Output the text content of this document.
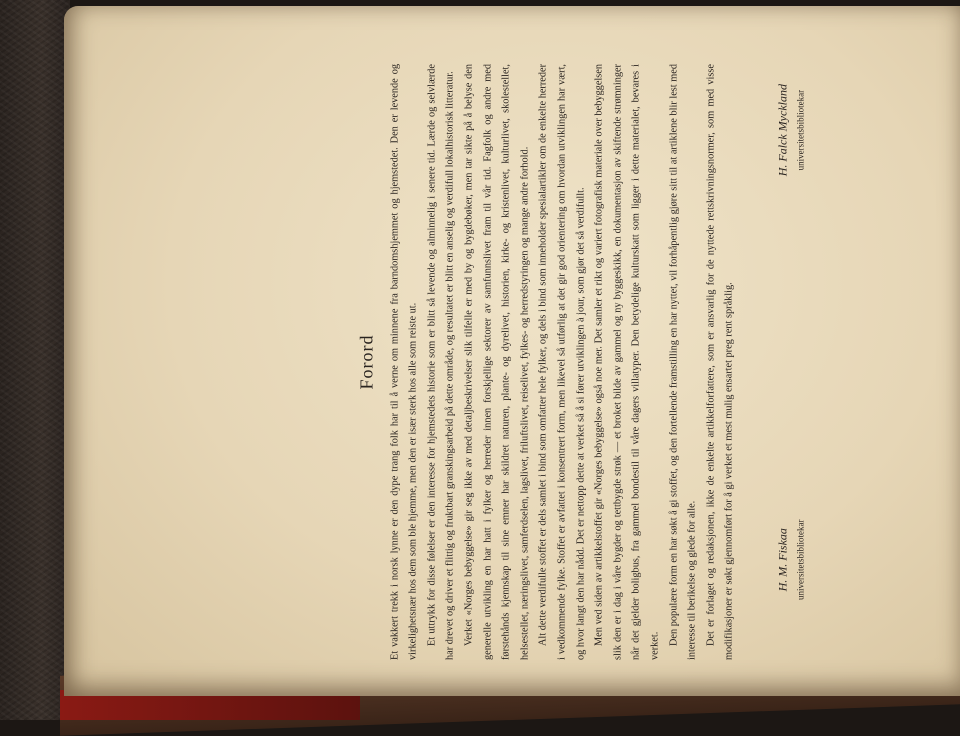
Forord Et vakkert trekk i norsk lynne er den dype trang folk har til å verne om minnene fra barndomshjemmet og hjemstedet. Den er levende og virkelighetsnær hos dem som ble hjemme, men den er især sterk hos alle som reiste ut. Et uttrykk for disse følelser er den interesse for hjemstedets historie som er blitt så levende og alminnelig i senere tid. Lærde og selvlærde har drevet og driver et flittig og fruktbart granskingsarbeid på dette område, og resultatet er blitt en anselig og verdifull lokalhistorisk litteratur. Verket «Norges bebyggelse» gir seg ikke av med detaljbeskrivelser slik tilfelle er med by og bygdebøker, men tar sikte på å belyse den generelle utvikling en har hatt i fylker og herreder innen forskjellige sektorer av samfunnslivet fram til vår tid. Fagfolk og andre med førstehånds kjennskap til sine emner har skildret naturen, plante- og dyrelivet, historien, kirke- og kristenlivet, kulturlivet, skolestellet, helsestellet, næringslivet, samferdselen, lagslivet, friluftslivet, reiselivet, fylkes- og herredstyringen og mange andre forhold. Alt dette verdifulle stoffet er dels samlet i bind som omfatter hele fylker, og dels i bind som inneholder spesialartikler om de enkelte herreder i vedkommende fylke. Stoffet er avfattet i konsentrert form, men likevel så utførlig at det gir god orientering om hvordan utviklingen har vært, og hvor langt den har nådd. Det er nettopp dette at verket så å si fører utviklingen à jour, som gjør det så verdifullt. Men ved siden av artikkelstoffet gir «Norges bebyggelse» også noe mer. Det samler et rikt og variert fotografisk materiale over bebyggelsen slik den er i dag i våre bygder og tettbygde strøk — et broket bilde av gammel og ny byggeskikk, en dokumentasjon av skiftende strømninger når det gjelder boligbus, fra gammel bondestil til våre dagers villatyper. Den betydelige kulturskatt som ligger i dette materialet, bevares i verket. Den populære form en har søkt å gi stoffet, og den fortellende framstilling en har nyttet, vil forhåpentlig gjøre sitt til at artiklene blir lest med interesse til berikelse og glede for alle. Det er forlaget og redaksjonen, ikke de enkelte artikkelforfattere, som er ansvarlig for de nyttede rettskrivningsnormer, som med visse modifikasjoner er søkt gjennomført for å gi verket et mest mulig ensartet preg rent språklig.	H. M. Fiskaa universitetsbibliotekar
H. Falck Myckland universitetsbibliotekar
